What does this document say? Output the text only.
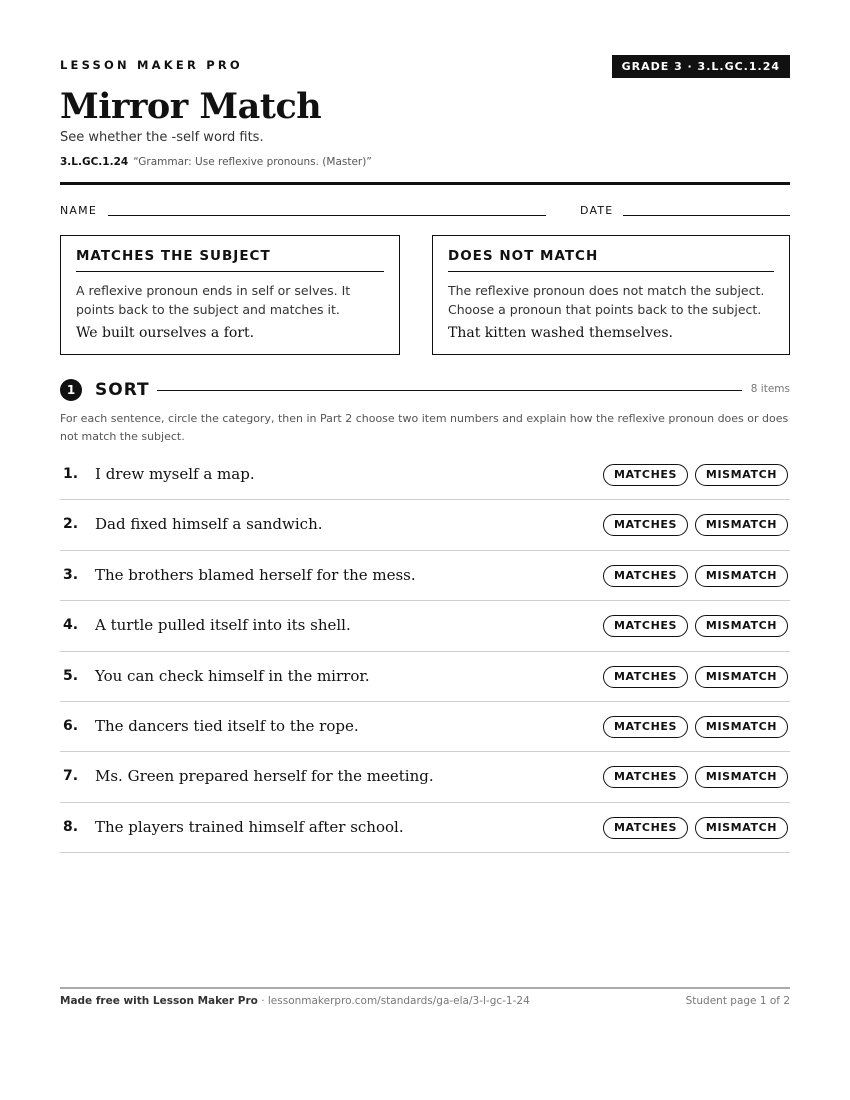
LESSON MAKER PRO	GRADE 3 · 3.L.GC.1.24
Mirror Match
See whether the -self word fits.
3.L.GC.1.24 “Grammar: Use reflexive pronouns. (Master)”
NAME	DATE
MATCHES THE SUBJECT

A reflexive pronoun ends in self or selves. It points back to the subject and matches it.

We built ourselves a fort.

DOES NOT MATCH

The reflexive pronoun does not match the subject. Choose a pronoun that points back to the subject.

That kitten washed themselves.

1	SORT	8 items

For each sentence, circle the category, then in Part 2 choose two item numbers and explain how the reflexive pronoun does or does not match the subject.

1. I drew myself a map.	MATCHES	MISMATCH
2. Dad fixed himself a sandwich.	MATCHES	MISMATCH
3. The brothers blamed herself for the mess.	MATCHES	MISMATCH
4. A turtle pulled itself into its shell.	MATCHES	MISMATCH
5. You can check himself in the mirror.	MATCHES	MISMATCH
6. The dancers tied itself to the rope.	MATCHES	MISMATCH
7. Ms. Green prepared herself for the meeting.	MATCHES	MISMATCH
8. The players trained himself after school.	MATCHES	MISMATCH
Made free with Lesson Maker Pro · lessonmakerpro.com/standards/ga-ela/3-l-gc-1-24	Student page 1 of 2
